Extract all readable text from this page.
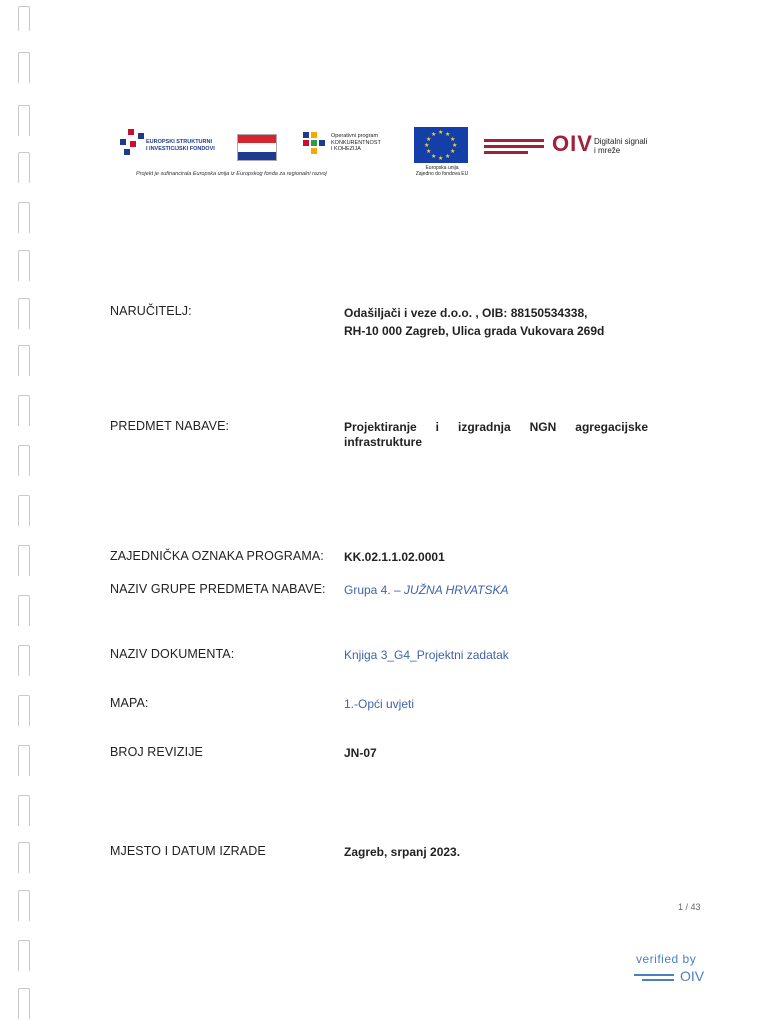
EUROPSKI STRUKTURNI
I INVESTICIJSKI FONDOVI
Operativni program
KONKURENTNOST
I KOHEZIJA
★ ★
★
★
★
★
★
★
★
★
★
★
Europska unija
Zajedno do fondova EU
OIV Digitalni signali
i mreže
Projekt je sufinancirala Europska unija iz Europskog fonda za regionalni razvoj
NARUČITELJ:	Odašiljači i veze d.o.o. , OIB: 88150534338,
RH-10 000 Zagreb, Ulica grada Vukovara 269d
PREDMET NABAVE:	Projektiranje i izgradnja NGN agregacijske
infrastrukture
ZAJEDNIČKA OZNAKA PROGRAMA: KK.02.1.1.02.0001
NAZIV GRUPE PREDMETA NABAVE: Grupa 4. – JUŽNA HRVATSKA
NAZIV DOKUMENTA:	Knjiga 3_G4_Projektni zadatak
MAPA:	1.-Opći uvjeti
BROJ REVIZIJE	JN-07
MJESTO I DATUM IZRADE	Zagreb, srpanj 2023.
1 / 43
verified by
OIV
